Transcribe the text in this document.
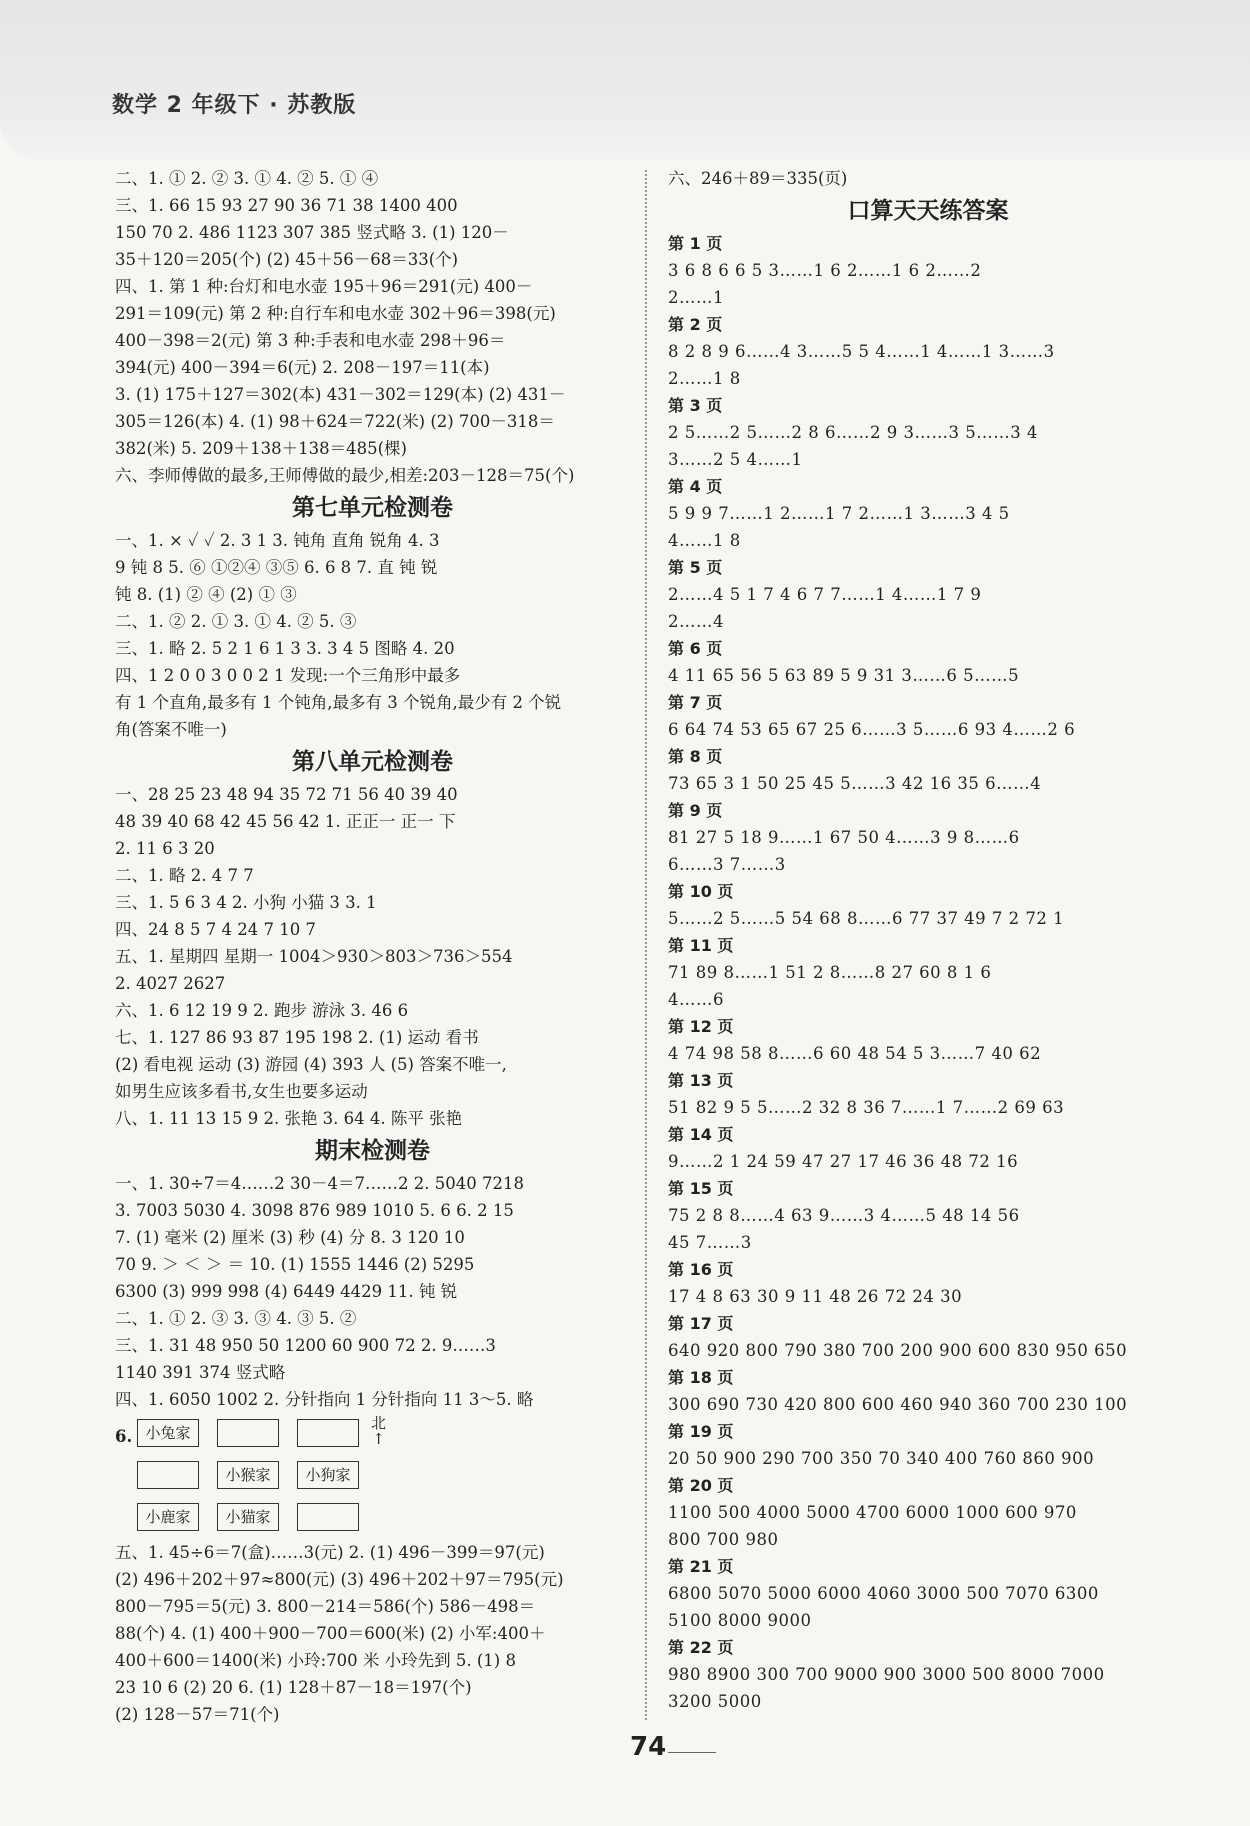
数学 2 年级下 · 苏教版
二、1. ① 2. ② 3. ① 4. ② 5. ① ④
三、1. 66 15 93 27 90 36 71 38 1400 400
150 70 2. 486 1123 307 385 竖式略 3. (1) 120－
35＋120＝205(个) (2) 45＋56－68＝33(个)
四、1. 第 1 种:台灯和电水壶 195＋96＝291(元) 400－
291＝109(元) 第 2 种:自行车和电水壶 302＋96＝398(元)
400－398＝2(元) 第 3 种:手表和电水壶 298＋96＝
394(元) 400－394＝6(元) 2. 208－197＝11(本)
3. (1) 175＋127＝302(本) 431－302＝129(本) (2) 431－
305＝126(本) 4. (1) 98＋624＝722(米) (2) 700－318＝
382(米) 5. 209＋138＋138＝485(棵)
六、李师傅做的最多,王师傅做的最少,相差:203－128＝75(个)
第七单元检测卷
一、1. × ✓ ✓ 2. 3 1 3. 钝角 直角 锐角 4. 3
9 钝 8 5. ⑥ ①②④ ③⑤ 6. 6 8 7. 直 钝 锐
钝 8. (1) ② ④ (2) ① ③
二、1. ② 2. ① 3. ① 4. ② 5. ③
三、1. 略 2. 5 2 1 6 1 3 3. 3 4 5 图略 4. 20
四、1 2 0 0 3 0 0 2 1 发现:一个三角形中最多
有 1 个直角,最多有 1 个钝角,最多有 3 个锐角,最少有 2 个锐
角(答案不唯一)
第八单元检测卷
一、28 25 23 48 94 35 72 71 56 40 39 40
48 39 40 68 42 45 56 42 1. 正正一 正一 下
2. 11 6 3 20
二、1. 略 2. 4 7 7
三、1. 5 6 3 4 2. 小狗 小猫 3 3. 1
四、24 8 5 7 4 24 7 10 7
五、1. 星期四 星期一 1004＞930＞803＞736＞554
2. 4027 2627
六、1. 6 12 19 9 2. 跑步 游泳 3. 46 6
七、1. 127 86 93 87 195 198 2. (1) 运动 看书
(2) 看电视 运动 (3) 游园 (4) 393 人 (5) 答案不唯一,
如男生应该多看书,女生也要多运动
八、1. 11 13 15 9 2. 张艳 3. 64 4. 陈平 张艳
期末检测卷
一、1. 30÷7＝4……2 30－4＝7……2 2. 5040 7218
3. 7003 5030 4. 3098 876 989 1010 5. 6 6. 2 15
7. (1) 毫米 (2) 厘米 (3) 秒 (4) 分 8. 3 120 10
70 9. ＞ ＜ ＞ ＝ 10. (1) 1555 1446 (2) 5295
6300 (3) 999 998 (4) 6449 4429 11. 钝 锐
二、1. ① 2. ③ 3. ③ 4. ③ 5. ②
三、1. 31 48 950 50 1200 60 900 72 2. 9……3
1140 391 374 竖式略
四、1. 6050 1002 2. 分针指向 1 分针指向 11 3～5. 略
6.
北
↑
小兔家
小猴家	小狗家
小鹿家	小猫家
五、1. 45÷6＝7(盒)……3(元) 2. (1) 496－399＝97(元)
(2) 496＋202＋97≈800(元) (3) 496＋202＋97＝795(元)
800－795＝5(元) 3. 800－214＝586(个) 586－498＝
88(个) 4. (1) 400＋900－700＝600(米) (2) 小军:400＋
400＋600＝1400(米) 小玲:700 米 小玲先到 5. (1) 8
23 10 6 (2) 20 6. (1) 128＋87－18＝197(个)
(2) 128－57＝71(个)
六、246＋89＝335(页)
口算天天练答案
第 1 页
3 6 8 6 6 5 3……1 6 2……1 6 2……2
2……1
第 2 页
8 2 8 9 6……4 3……5 5 4……1 4……1 3……3
2……1 8
第 3 页
2 5……2 5……2 8 6……2 9 3……3 5……3 4
3……2 5 4……1
第 4 页
5 9 9 7……1 2……1 7 2……1 3……3 4 5
4……1 8
第 5 页
2……4 5 1 7 4 6 7 7……1 4……1 7 9
2……4
第 6 页
4 11 65 56 5 63 89 5 9 31 3……6 5……5
第 7 页
6 64 74 53 65 67 25 6……3 5……6 93 4……2 6
第 8 页
73 65 3 1 50 25 45 5……3 42 16 35 6……4
第 9 页
81 27 5 18 9……1 67 50 4……3 9 8……6
6……3 7……3
第 10 页
5……2 5……5 54 68 8……6 77 37 49 7 2 72 1
第 11 页
71 89 8……1 51 2 8……8 27 60 8 1 6
4……6
第 12 页
4 74 98 58 8……6 60 48 54 5 3……7 40 62
第 13 页
51 82 9 5 5……2 32 8 36 7……1 7……2 69 63
第 14 页
9……2 1 24 59 47 27 17 46 36 48 72 16
第 15 页
75 2 8 8……4 63 9……3 4……5 48 14 56
45 7……3
第 16 页
17 4 8 63 30 9 11 48 26 72 24 30
第 17 页
640 920 800 790 380 700 200 900 600 830 950 650
第 18 页
300 690 730 420 800 600 460 940 360 700 230 100
第 19 页
20 50 900 290 700 350 70 340 400 760 860 900
第 20 页
1100 500 4000 5000 4700 6000 1000 600 970
800 700 980
第 21 页
6800 5070 5000 6000 4060 3000 500 7070 6300
5100 8000 9000
第 22 页
980 8900 300 700 9000 900 3000 500 8000 7000
3200 5000
74
